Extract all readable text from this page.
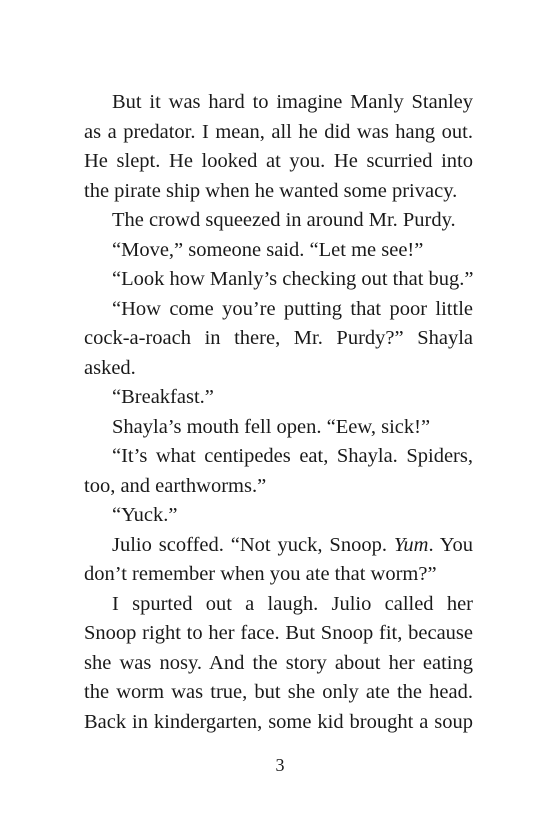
But it was hard to imagine Manly Stanley
as a predator. I mean, all he did was hang out.
He slept. He looked at you. He scurried into
the pirate ship when he wanted some privacy.
The crowd squeezed in around Mr. Purdy.
“Move,” someone said. “Let me see!”
“Look how Manly’s checking out that bug.”
“How come you’re putting that poor little
cock-a-roach in there, Mr. Purdy?” Shayla
asked.
“Breakfast.”
Shayla’s mouth fell open. “Eew, sick!”
“It’s what centipedes eat, Shayla. Spiders,
too, and earthworms.”
“Yuck.”
Julio scoffed. “Not yuck, Snoop. Yum. You
don’t remember when you ate that worm?”
I spurted out a laugh. Julio called her
Snoop right to her face. But Snoop fit, because
she was nosy. And the story about her eating
the worm was true, but she only ate the head.
Back in kindergarten, some kid brought a soup
3
